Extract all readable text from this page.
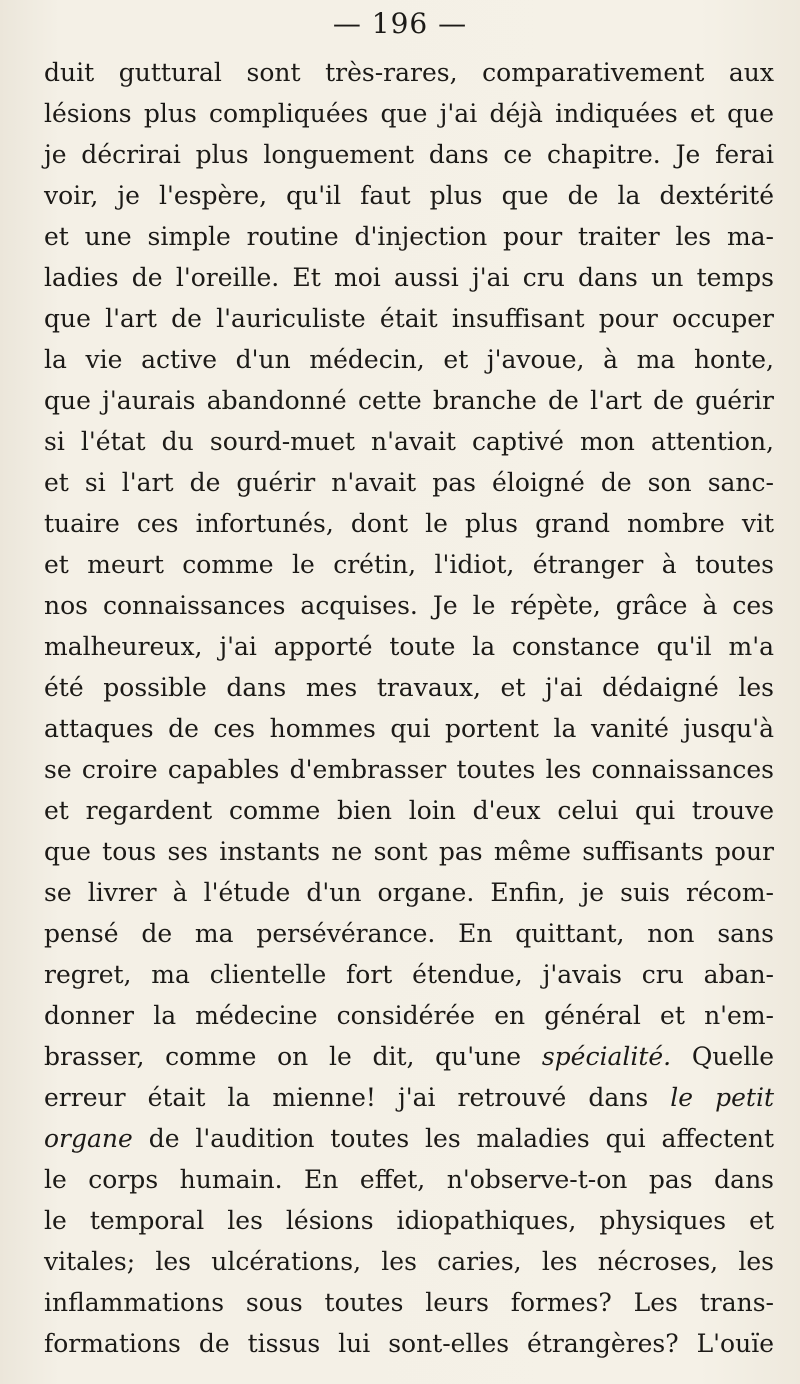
— 196 —
duit guttural sont très-rares, comparativement aux
lésions plus compliquées que j'ai déjà indiquées et que
je décrirai plus longuement dans ce chapitre. Je ferai
voir, je l'espère, qu'il faut plus que de la dextérité
et une simple routine d'injection pour traiter les ma-
ladies de l'oreille. Et moi aussi j'ai cru dans un temps
que l'art de l'auriculiste était insuffisant pour occuper
la vie active d'un médecin, et j'avoue, à ma honte,
que j'aurais abandonné cette branche de l'art de guérir
si l'état du sourd-muet n'avait captivé mon attention,
et si l'art de guérir n'avait pas éloigné de son sanc-
tuaire ces infortunés, dont le plus grand nombre vit
et meurt comme le crétin, l'idiot, étranger à toutes
nos connaissances acquises. Je le répète, grâce à ces
malheureux, j'ai apporté toute la constance qu'il m'a
été possible dans mes travaux, et j'ai dédaigné les
attaques de ces hommes qui portent la vanité jusqu'à
se croire capables d'embrasser toutes les connaissances
et regardent comme bien loin d'eux celui qui trouve
que tous ses instants ne sont pas même suffisants pour
se livrer à l'étude d'un organe. Enfin, je suis récom-
pensé de ma persévérance. En quittant, non sans
regret, ma clientelle fort étendue, j'avais cru aban-
donner la médecine considérée en général et n'em-
brasser, comme on le dit, qu'une spécialité. Quelle
erreur était la mienne! j'ai retrouvé dans le petit
organe de l'audition toutes les maladies qui affectent
le corps humain. En effet, n'observe-t-on pas dans
le temporal les lésions idiopathiques, physiques et
vitales; les ulcérations, les caries, les nécroses, les
inflammations sous toutes leurs formes? Les trans-
formations de tissus lui sont-elles étrangères? L'ouïe
